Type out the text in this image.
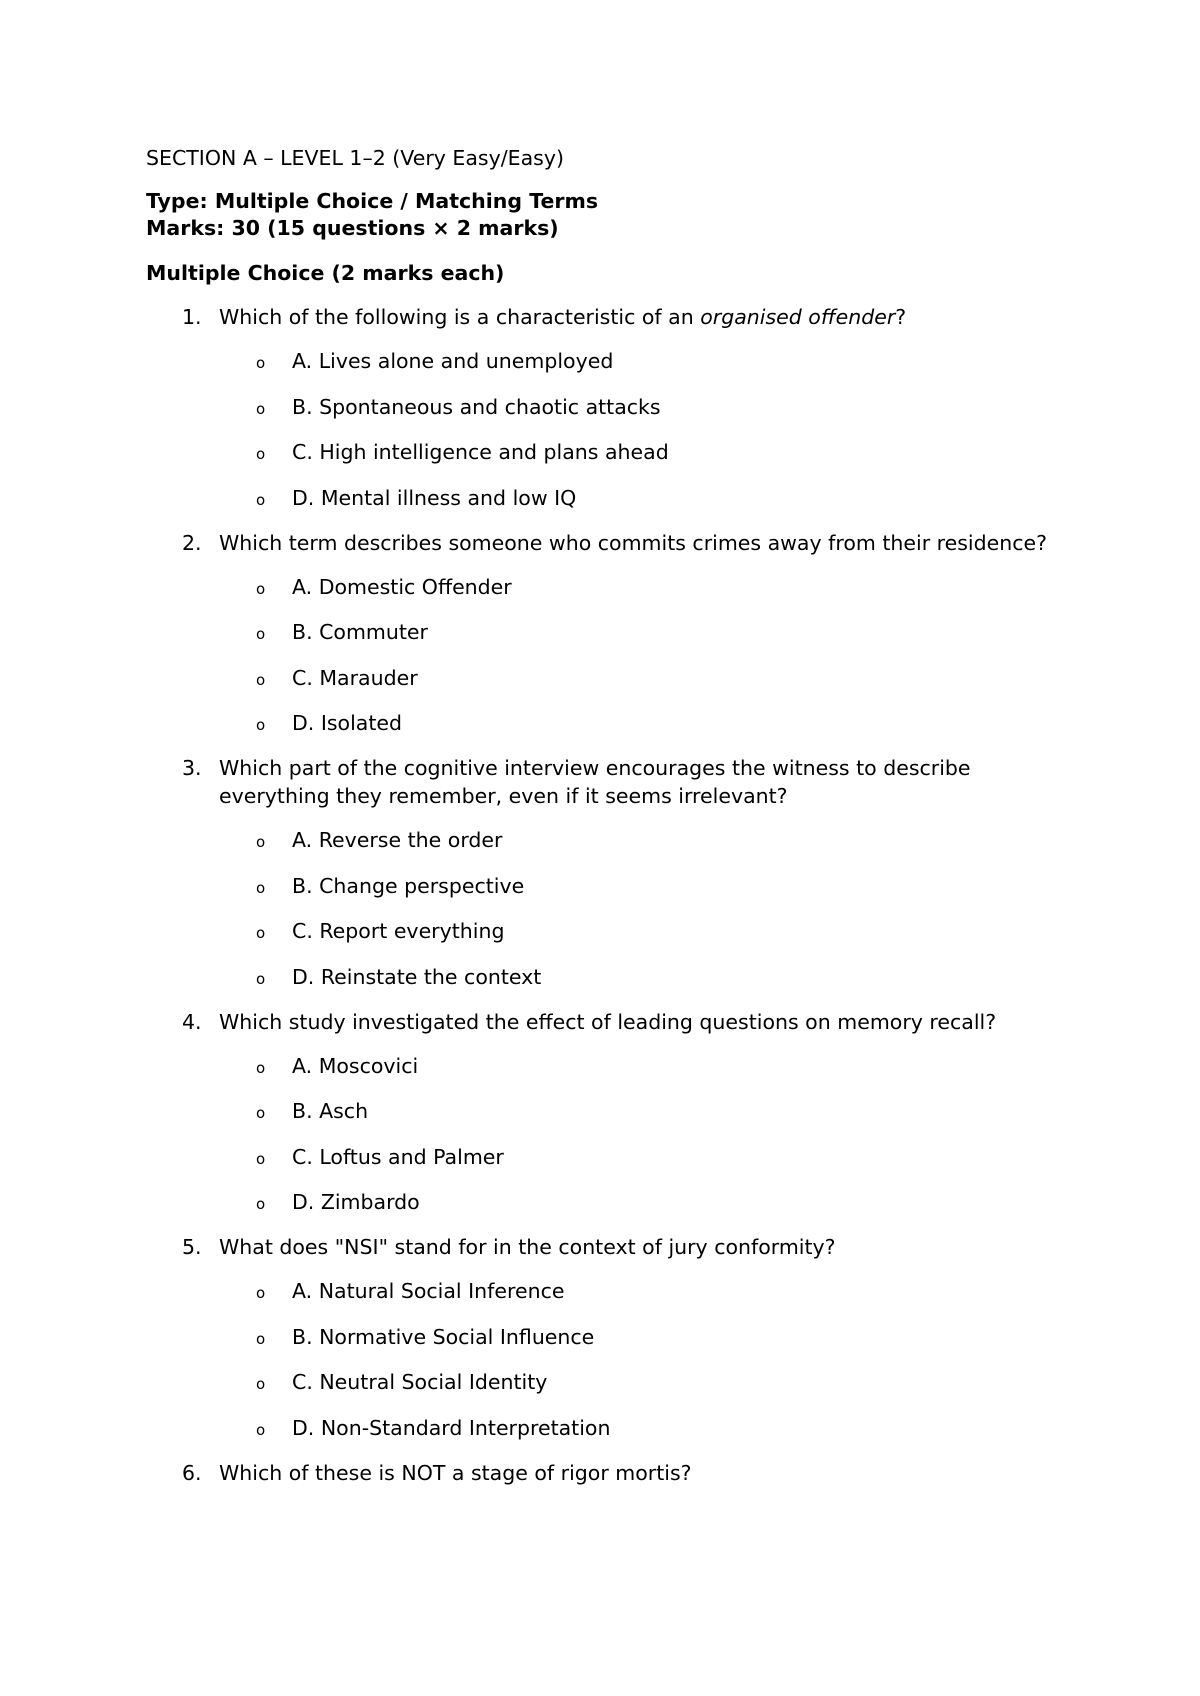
SECTION A – LEVEL 1–2 (Very Easy/Easy)

Type: Multiple Choice / Matching Terms
Marks: 30 (15 questions × 2 marks)
Multiple Choice (2 marks each)
1. Which of the following is a characteristic of an organised offender?
o A. Lives alone and unemployed
o B. Spontaneous and chaotic attacks
o C. High intelligence and plans ahead
o D. Mental illness and low IQ
2. Which term describes someone who commits crimes away from their residence?
o A. Domestic Offender
o B. Commuter
o C. Marauder
o D. Isolated
3. Which part of the cognitive interview encourages the witness to describe everything they remember, even if it seems irrelevant?
o A. Reverse the order
o B. Change perspective
o C. Report everything
o D. Reinstate the context
4. Which study investigated the effect of leading questions on memory recall?
o A. Moscovici
o B. Asch
o C. Loftus and Palmer
o D. Zimbardo
5. What does "NSI" stand for in the context of jury conformity?
o A. Natural Social Inference
o B. Normative Social Influence
o C. Neutral Social Identity
o D. Non-Standard Interpretation
6. Which of these is NOT a stage of rigor mortis?
